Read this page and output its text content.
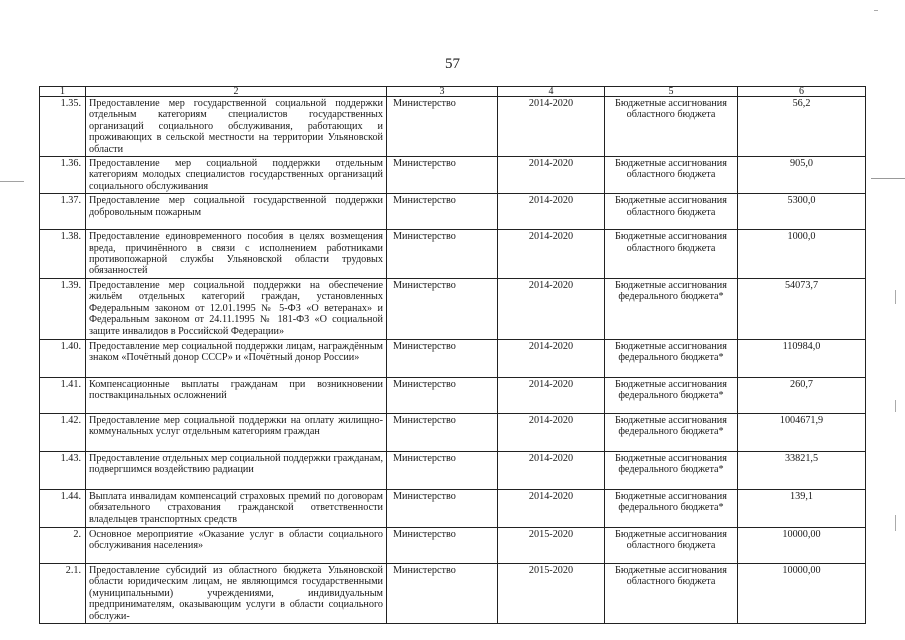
57
1	2	3	4	5	6
1.35.	Предоставление мер государственной социальной поддержки отдельным категориям специалистов государственных организаций социального обслуживания, работающих и проживающих в сельской местности на территории Ульяновской области	Министерство	2014-2020	Бюджетные ассигнования областного бюджета	56,2
1.36.	Предоставление мер социальной поддержки отдельным категориям молодых специалистов государственных организаций социального обслуживания	Министерство	2014-2020	Бюджетные ассигнования областного бюджета	905,0
1.37.	Предоставление мер социальной государственной поддержки добровольным пожарным	Министерство	2014-2020	Бюджетные ассигнования областного бюджета	5300,0
1.38.	Предоставление единовременного пособия в целях возмещения вреда, причинённого в связи с исполнением работниками противопожарной службы Ульяновской области трудовых обязанностей	Министерство	2014-2020	Бюджетные ассигнования областного бюджета	1000,0
1.39.	Предоставление мер социальной поддержки на обеспечение жильём отдельных категорий граждан, установленных Федеральным законом от 12.01.1995 № 5-ФЗ «О ветеранах» и Федеральным законом от 24.11.1995 № 181-ФЗ «О социальной защите инвалидов в Российской Федерации»	Министерство	2014-2020	Бюджетные ассигнования федерального бюджета*	54073,7
1.40.	Предоставление мер социальной поддержки лицам, награждённым знаком «Почётный донор СССР» и «Почётный донор России»	Министерство	2014-2020	Бюджетные ассигнования федерального бюджета*	110984,0
1.41.	Компенсационные выплаты гражданам при возникновении поствакцинальных осложнений	Министерство	2014-2020	Бюджетные ассигнования федерального бюджета*	260,7
1.42.	Предоставление мер социальной поддержки на оплату жилищно-коммунальных услуг отдельным категориям граждан	Министерство	2014-2020	Бюджетные ассигнования федерального бюджета*	1004671,9
1.43.	Предоставление отдельных мер социальной поддержки гражданам, подвергшимся воздействию радиации	Министерство	2014-2020	Бюджетные ассигнования федерального бюджета*	33821,5
1.44.	Выплата инвалидам компенсаций страховых премий по договорам обязательного страхования гражданской ответственности владельцев транспортных средств	Министерство	2014-2020	Бюджетные ассигнования федерального бюджета*	139,1
2.	Основное мероприятие «Оказание услуг в области социального обслуживания населения»	Министерство	2015-2020	Бюджетные ассигнования областного бюджета	10000,00
2.1.	Предоставление субсидий из областного бюджета Ульяновской области юридическим лицам, не являющимся государственными (муниципальными) учреждениями, индивидуальным предпринимателям, оказывающим услуги в области социального обслужи-	Министерство	2015-2020	Бюджетные ассигнования областного бюджета	10000,00
